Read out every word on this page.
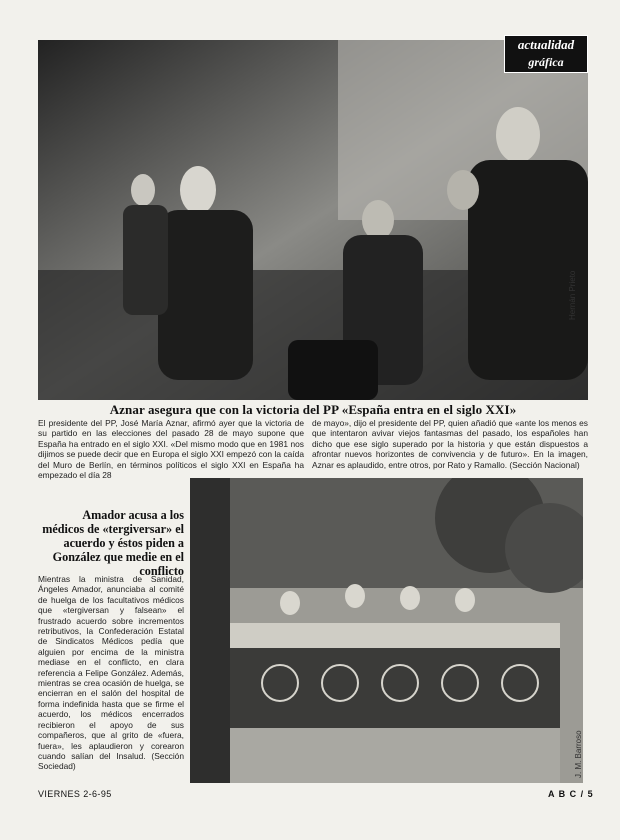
actualidad
gráfica
Hernán Prieto
Aznar asegura que con la victoria del PP «España entra en el siglo XXI»
El presidente del PP, José María Aznar, afirmó ayer que la victoria de su partido en las elecciones del pasado 28 de mayo supone que España ha entrado en el siglo XXI. «Del mismo modo que en 1981 nos dijimos se puede decir que en Europa el siglo XXI empezó con la caída del Muro de Berlín, en términos políticos el siglo XXI en España ha empezado el día 28
de mayo», dijo el presidente del PP, quien añadió que «ante los menos es que intentaron avivar viejos fantasmas del pasado, los españoles han dicho que ese siglo superado por la historia y que están dispuestos a afrontar nuevos horizontes de convivencia y de futuro». En la imagen, Aznar es aplaudido, entre otros, por Rato y Ramallo. (Sección Nacional)
Amador acusa a los médicos de «tergiversar» el acuerdo y éstos piden a González que medie en el conflicto
Mientras la ministra de Sanidad, Ángeles Amador, anunciaba al comité de huelga de los facultativos médicos que «tergiversan y falsean» el frustrado acuerdo sobre incrementos retributivos, la Confederación Estatal de Sindicatos Médicos pedía que alguien por encima de la ministra mediase en el conflicto, en clara referencia a Felipe González. Además, mientras se crea ocasión de huelga, se encierran en el salón del hospital de forma indefinida hasta que se firme el acuerdo, los médicos encerrados recibieron el apoyo de sus compañeros, que al grito de «fuera, fuera», les aplaudieron y corearon cuando salían del Insalud. (Sección Sociedad)	J. M. Barroso
VIERNES 2-6-95	A B C / 5
